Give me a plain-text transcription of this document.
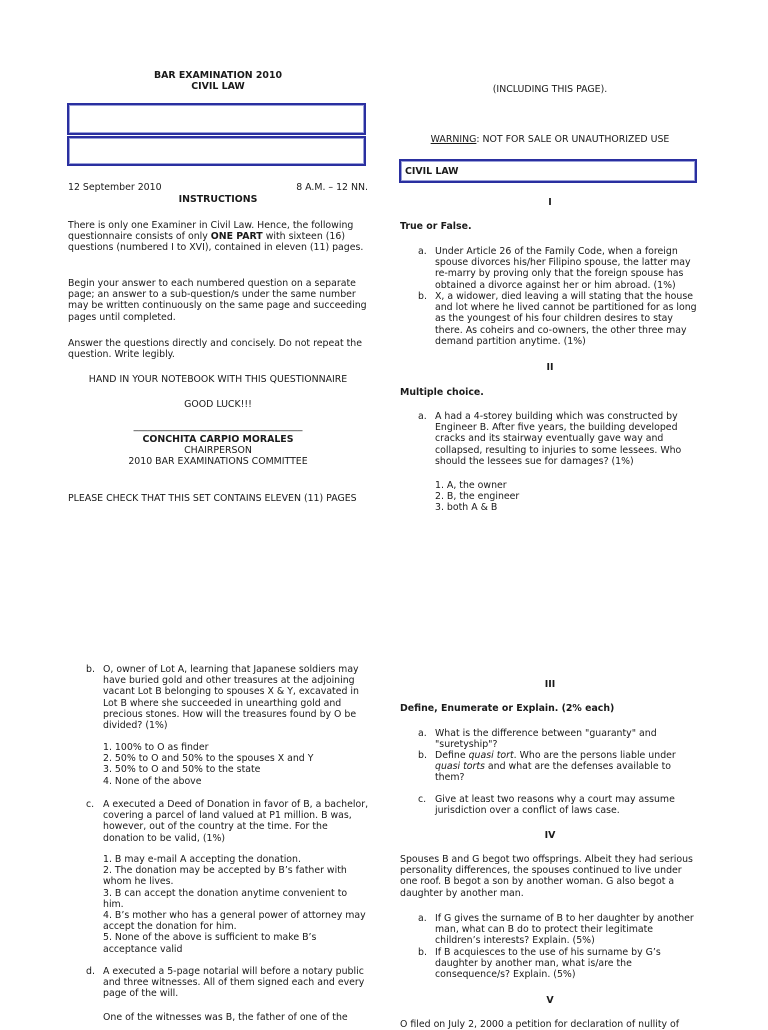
BAR EXAMINATION 2010
CIVIL LAW
12 September 2010	8 A.M. – 12 NN.
INSTRUCTIONS

There is only one Examiner in Civil Law. Hence, the following questionnaire consists of only ONE PART with sixteen (16) questions (numbered I to XVI), contained in eleven (11) pages.

Begin your answer to each numbered question on a separate page; an answer to a sub-question/s under the same number may be written continuously on the same page and succeeding pages until completed.

Answer the questions directly and concisely. Do not repeat the question. Write legibly.

HAND IN YOUR NOTEBOOK WITH THIS QUESTIONNAIRE
GOOD LUCK!!!
____________________________________
CONCHITA CARPIO MORALES
CHAIRPERSON
2010 BAR EXAMINATIONS COMMITTEE
PLEASE CHECK THAT THIS SET CONTAINS ELEVEN (11) PAGES
(INCLUDING THIS PAGE).
WARNING: NOT FOR SALE OR UNAUTHORIZED USE
CIVIL LAW
I
True or False.
a. Under Article 26 of the Family Code, when a foreign spouse divorces his/her Filipino spouse, the latter may re-marry by proving only that the foreign spouse has obtained a divorce against her or him abroad. (1%)
b. X, a widower, died leaving a will stating that the house and lot where he lived cannot be partitioned for as long as the youngest of his four children desires to stay there. As coheirs and co-owners, the other three may demand partition anytime. (1%)
II
Multiple choice.
a. A had a 4-storey building which was constructed by Engineer B. After five years, the building developed cracks and its stairway eventually gave way and collapsed, resulting to injuries to some lessees. Who should the lessees sue for damages? (1%)
1. A, the owner
2. B, the engineer
3. both A & B
b. O, owner of Lot A, learning that Japanese soldiers may have buried gold and other treasures at the adjoining vacant Lot B belonging to spouses X & Y, excavated in Lot B where she succeeded in unearthing gold and precious stones. How will the treasures found by O be divided? (1%)
1. 100% to O as finder
2. 50% to O and 50% to the spouses X and Y
3. 50% to O and 50% to the state
4. None of the above
c. A executed a Deed of Donation in favor of B, a bachelor, covering a parcel of land valued at P1 million. B was, however, out of the country at the time. For the donation to be valid, (1%)
1. B may e-mail A accepting the donation.
2. The donation may be accepted by B’s father with whom he lives.
3. B can accept the donation anytime convenient to him.
4. B’s mother who has a general power of attorney may accept the donation for him.
5. None of the above is sufficient to make B’s acceptance valid
d. A executed a 5-page notarial will before a notary public and three witnesses. All of them signed each and every page of the will.
One of the witnesses was B, the father of one of the
III
Define, Enumerate or Explain. (2% each)
a. What is the difference between "guaranty" and "suretyship"?
b. Define quasi tort. Who are the persons liable under quasi torts and what are the defenses available to them?
c. Give at least two reasons why a court may assume jurisdiction over a conflict of laws case.
IV

Spouses B and G begot two offsprings. Albeit they had serious personality differences, the spouses continued to live under one roof. B begot a son by another woman. G also begot a daughter by another man.

a. If G gives the surname of B to her daughter by another man, what can B do to protect their legitimate children’s interests? Explain. (5%)
b. If B acquiesces to the use of his surname by G’s daughter by another man, what is/are the consequence/s? Explain. (5%)
V
O filed on July 2, 2000 a petition for declaration of nullity of
